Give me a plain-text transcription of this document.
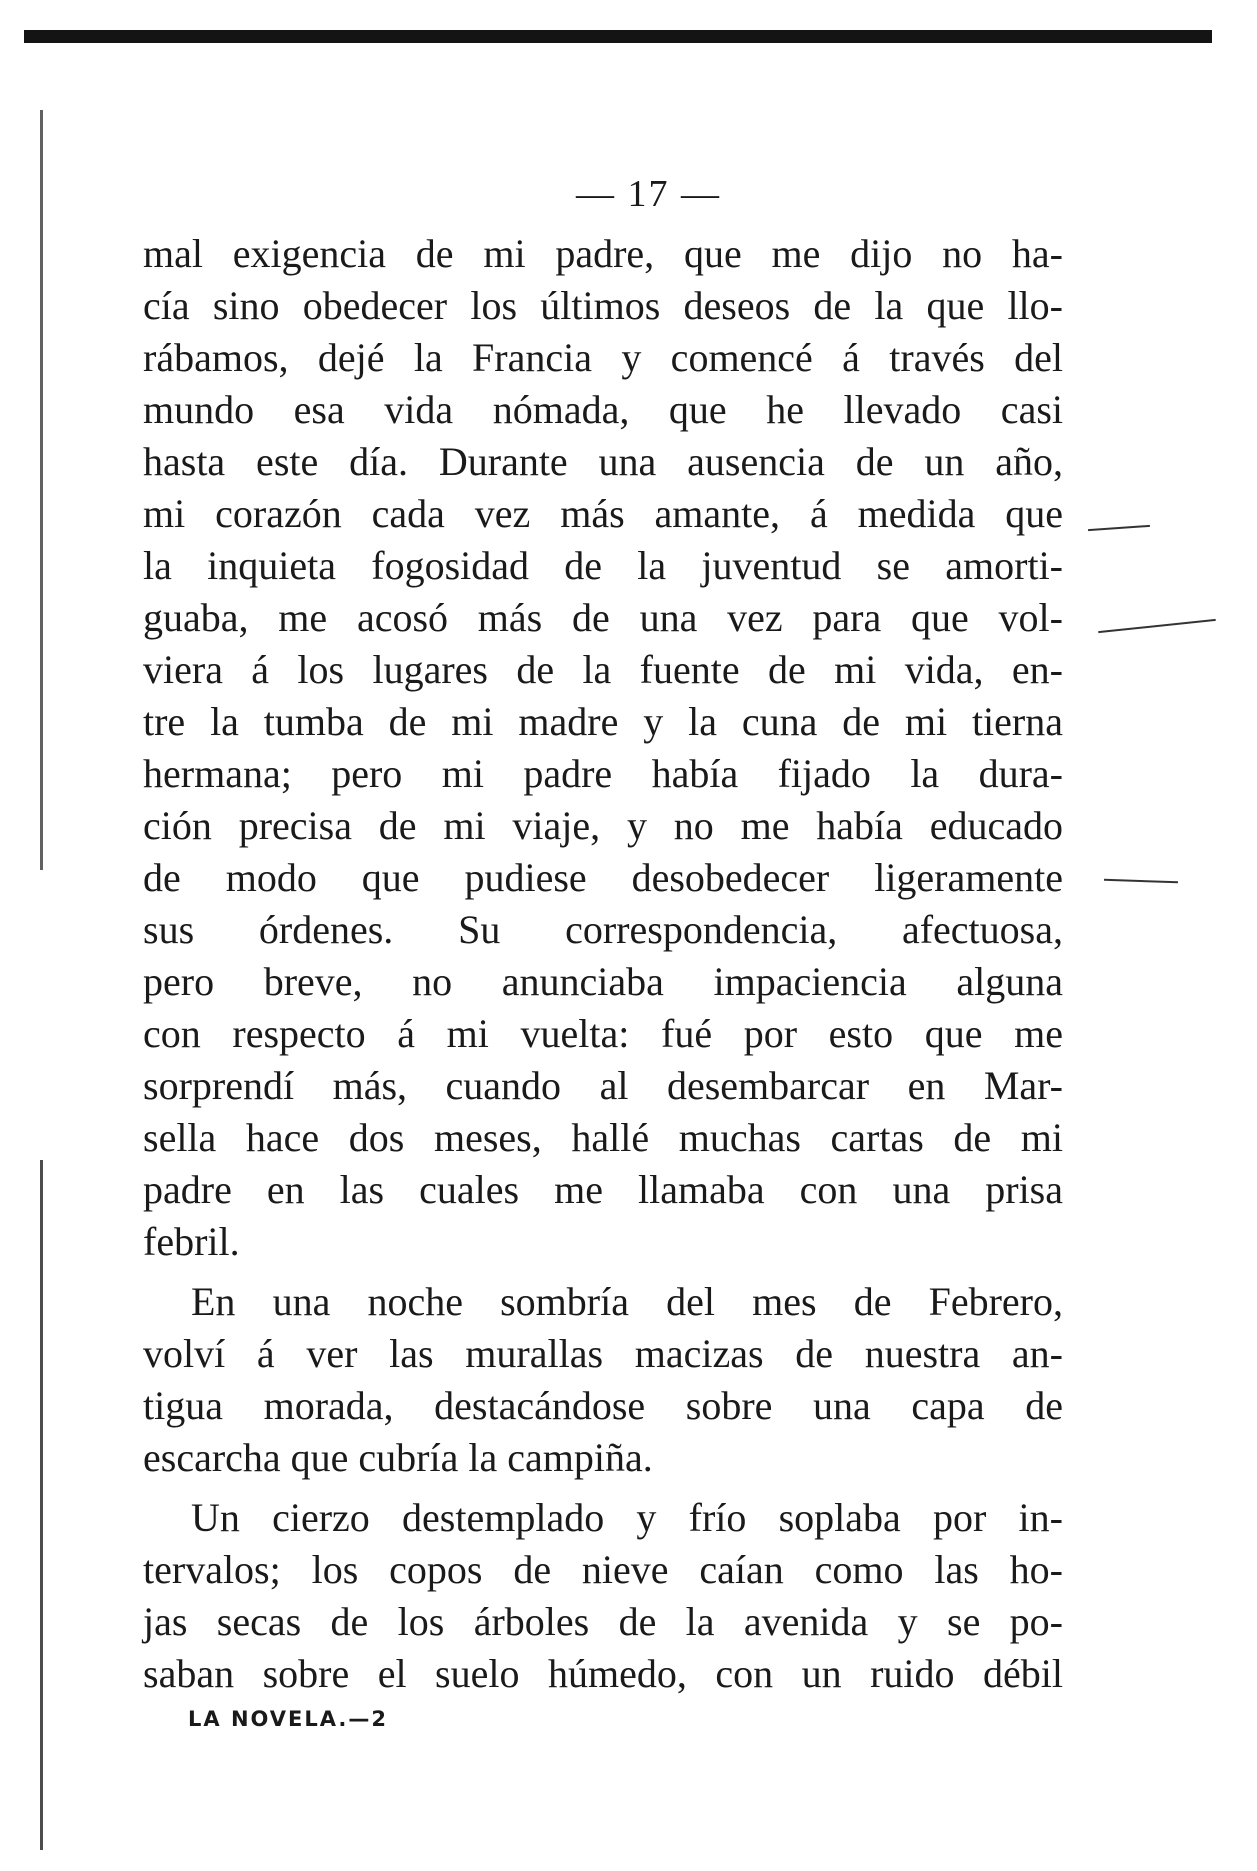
— 17 —
mal exigencia de mi padre, que me dijo no ha-
cía sino obedecer los últimos deseos de la que llo-
rábamos, dejé la Francia y comencé á través del
mundo esa vida nómada, que he llevado casi
hasta este día. Durante una ausencia de un año,
mi corazón cada vez más amante, á medida que
la inquieta fogosidad de la juventud se amorti-
guaba, me acosó más de una vez para que vol-
viera á los lugares de la fuente de mi vida, en-
tre la tumba de mi madre y la cuna de mi tierna
hermana; pero mi padre había fijado la dura-
ción precisa de mi viaje, y no me había educado
de modo que pudiese desobedecer ligeramente
sus órdenes. Su correspondencia, afectuosa,
pero breve, no anunciaba impaciencia alguna
con respecto á mi vuelta: fué por esto que me
sorprendí más, cuando al desembarcar en Mar-
sella hace dos meses, hallé muchas cartas de mi
padre en las cuales me llamaba con una prisa
febril.
En una noche sombría del mes de Febrero,
volví á ver las murallas macizas de nuestra an-
tigua morada, destacándose sobre una capa de
escarcha que cubría la campiña.
Un cierzo destemplado y frío soplaba por in-
tervalos; los copos de nieve caían como las ho-
jas secas de los árboles de la avenida y se po-
saban sobre el suelo húmedo, con un ruido débil
LA NOVELA.—2
